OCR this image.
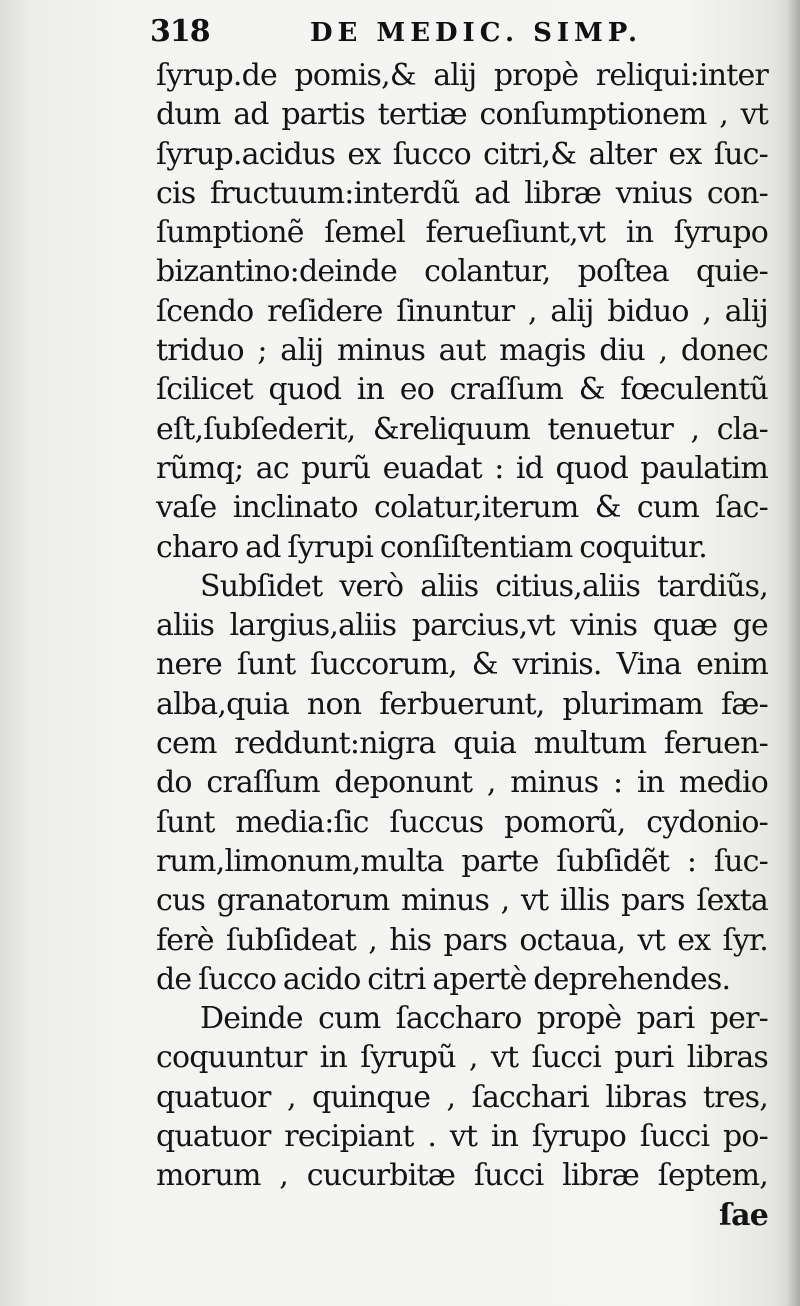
318	DE MEDIC. SIMP.
ſyrup.de pomis,& alij propè reliqui:inter
dum ad partis tertiæ conſumptionem , vt
ſyrup.acidus ex ſucco citri,& alter ex ſuc-
cis fructuum:interdũ ad libræ vnius con-
ſumptionẽ ſemel ferueſiunt,vt in ſyrupo
bizantino:deinde colantur, poſtea quie-
ſcendo reſidere ſinuntur , alij biduo , alij
triduo ; alij minus aut magis diu , donec
ſcilicet quod in eo craſſum & fœculentũ
eſt,ſubſederit, &reliquum tenuetur , cla-
rũmq; ac purũ euadat : id quod paulatim
vaſe inclinato colatur,iterum & cum ſac-
charo ad ſyrupi conſiſtentiam coquitur.
Subſidet verò aliis citius,aliis tardiũs,
aliis largius,aliis parcius,vt vinis quæ ge
nere ſunt ſuccorum, & vrinis. Vina enim
alba,quia non ferbuerunt, plurimam fæ-
cem reddunt:nigra quia multum feruen-
do craſſum deponunt , minus : in medio
ſunt media:ſic ſuccus pomorũ, cydonio-
rum,limonum,multa parte ſubſidẽt : ſuc-
cus granatorum minus , vt illis pars ſexta
ferè ſubſideat , his pars octaua, vt ex ſyr.
de ſucco acido citri apertè deprehendes.
Deinde cum ſaccharo propè pari per-
coquuntur in ſyrupũ , vt ſucci puri libras
quatuor , quinque , ſacchari libras tres,
quatuor recipiant . vt in ſyrupo ſucci po-
morum , cucurbitæ ſucci libræ ſeptem,
ſae
